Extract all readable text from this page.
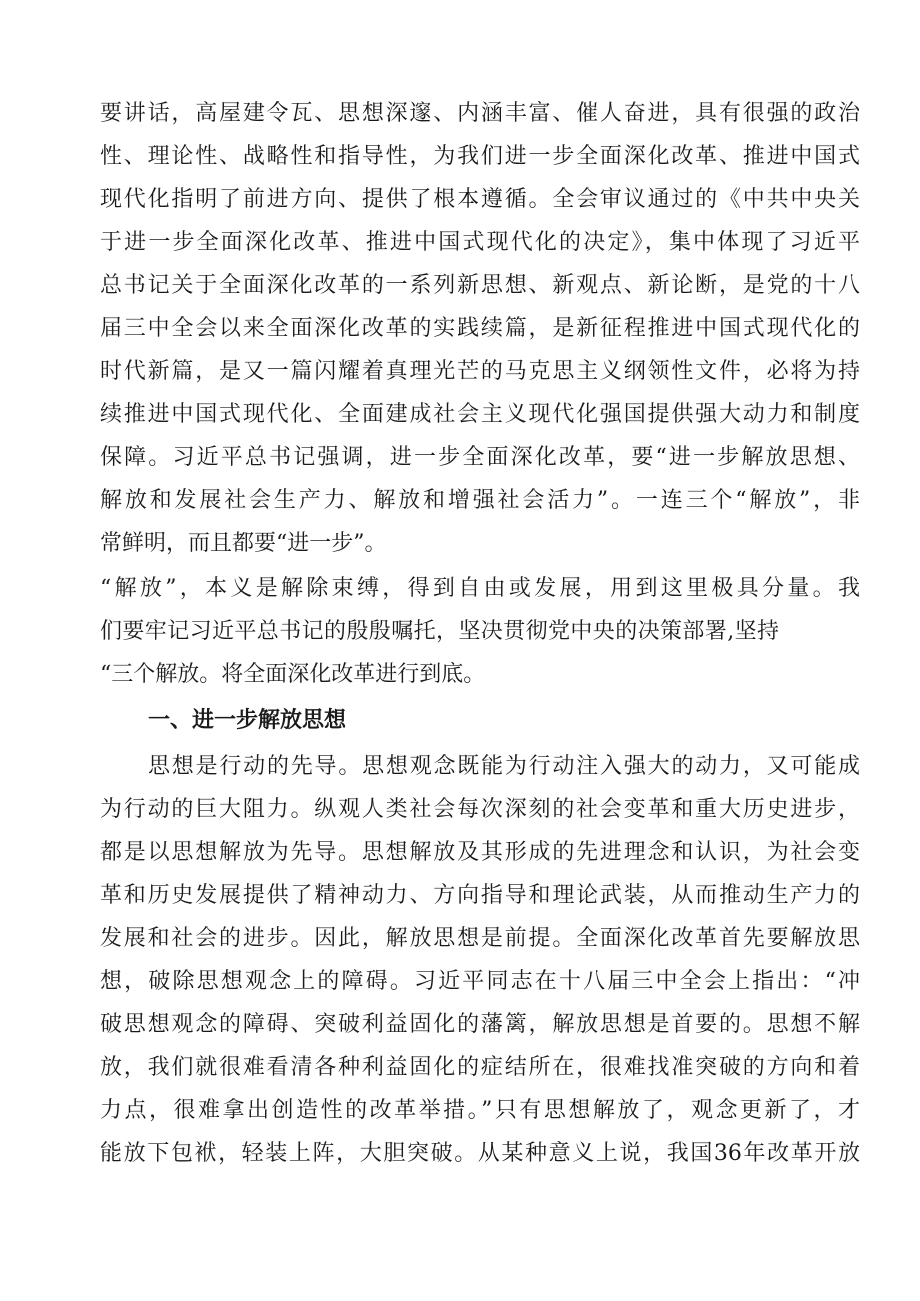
要讲话，高屋建令瓦、思想深邃、内涵丰富、催人奋进，具有很强的政治
性、理论性、战略性和指导性，为我们进一步全面深化改革、推进中国式
现代化指明了前进方向、提供了根本遵循。全会审议通过的《中共中央关
于进一步全面深化改革、推进中国式现代化的决定》，集中体现了习近平
总书记关于全面深化改革的一系列新思想、新观点、新论断，是党的十八
届三中全会以来全面深化改革的实践续篇，是新征程推进中国式现代化的
时代新篇，是又一篇闪耀着真理光芒的马克思主义纲领性文件，必将为持
续推进中国式现代化、全面建成社会主义现代化强国提供强大动力和制度
保障。习近平总书记强调，进一步全面深化改革，要“进一步解放思想、
解放和发展社会生产力、解放和增强社会活力”。一连三个“解放”，非
常鲜明，而且都要“进一步”。
“解放”，本义是解除束缚，得到自由或发展，用到这里极具分量。我
们要牢记习近平总书记的殷殷嘱托，坚决贯彻党中央的决策部署,坚持
“三个解放。将全面深化改革进行到底。
一、进一步解放思想
思想是行动的先导。思想观念既能为行动注入强大的动力，又可能成
为行动的巨大阻力。纵观人类社会每次深刻的社会变革和重大历史进步，
都是以思想解放为先导。思想解放及其形成的先进理念和认识，为社会变
革和历史发展提供了精神动力、方向指导和理论武装，从而推动生产力的
发展和社会的进步。因此，解放思想是前提。全面深化改革首先要解放思
想，破除思想观念上的障碍。习近平同志在十八届三中全会上指出：“冲
破思想观念的障碍、突破利益固化的藩篱，解放思想是首要的。思想不解
放，我们就很难看清各种利益固化的症结所在，很难找准突破的方向和着
力点，很难拿出创造性的改革举措。”只有思想解放了，观念更新了，才
能放下包袱，轻装上阵，大胆突破。从某种意义上说，我国36年改革开放
